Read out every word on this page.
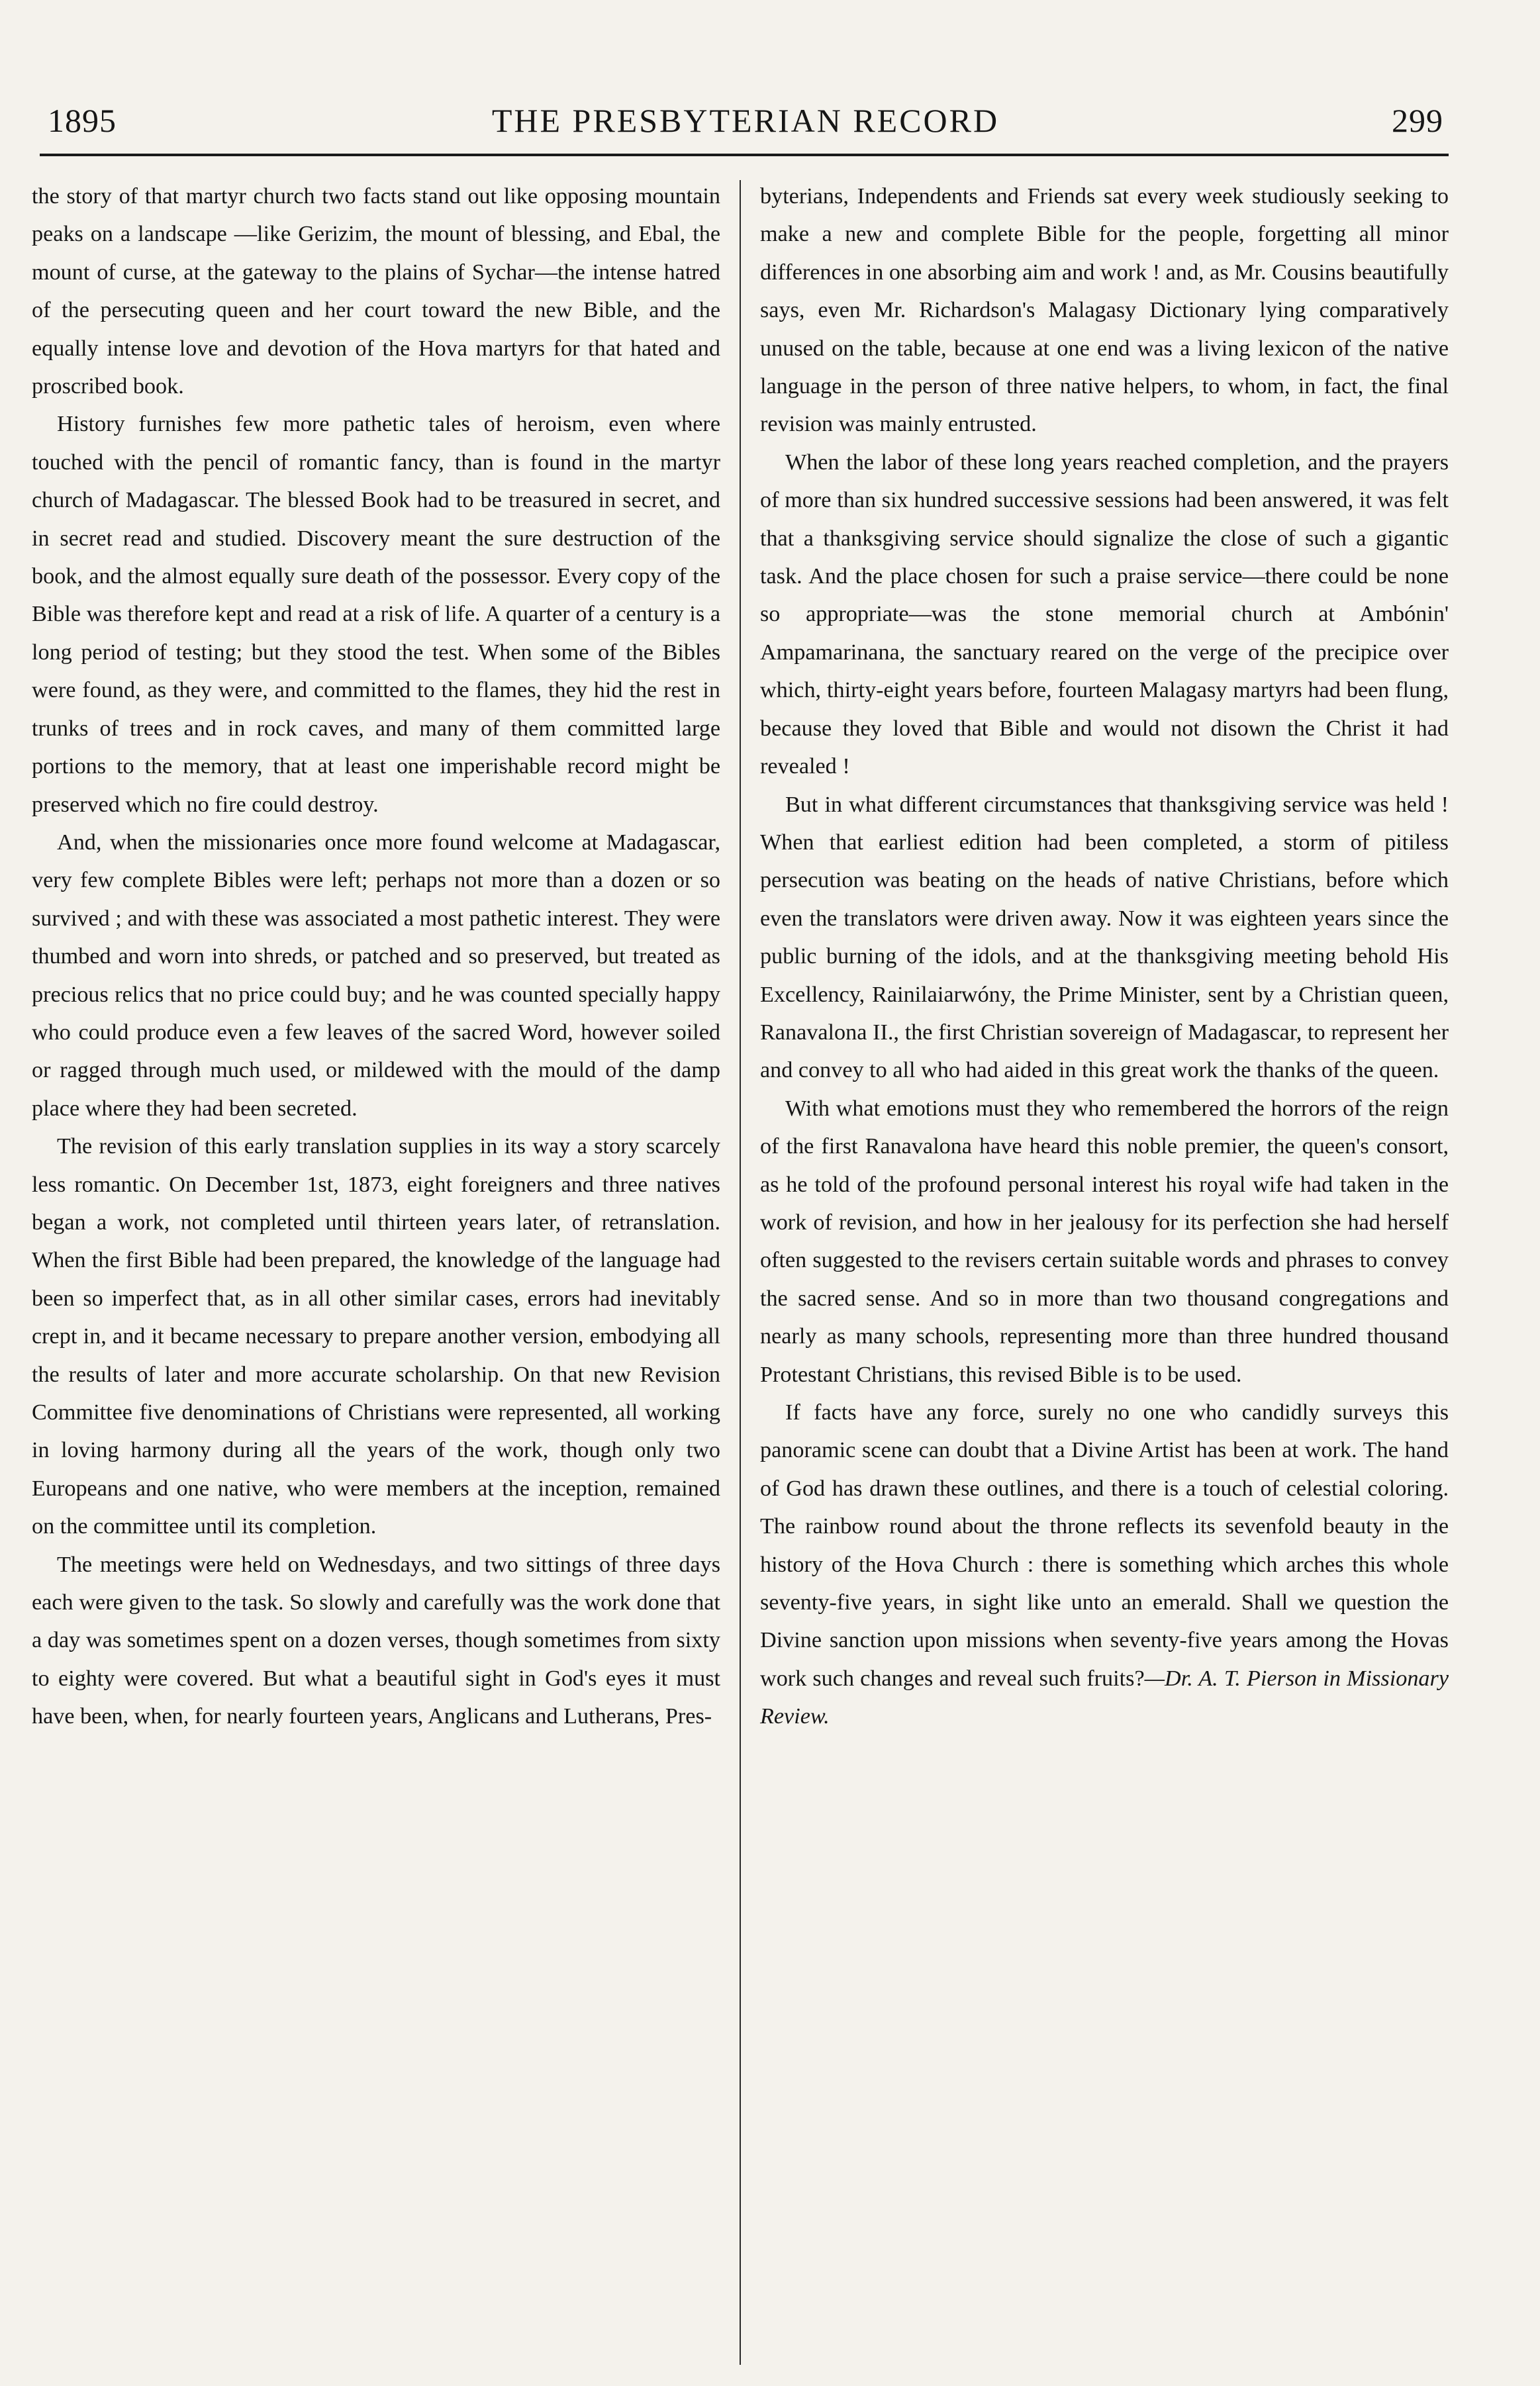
1895	THE PRESBYTERIAN RECORD	299

the story of that martyr church two facts stand out like opposing mountain peaks on a landscape —like Gerizim, the mount of blessing, and Ebal, the mount of curse, at the gateway to the plains of Sychar—the intense hatred of the persecuting queen and her court toward the new Bible, and the equally intense love and devotion of the Hova martyrs for that hated and proscribed book.

History furnishes few more pathetic tales of heroism, even where touched with the pencil of romantic fancy, than is found in the martyr church of Madagascar. The blessed Book had to be treasured in secret, and in secret read and studied. Discovery meant the sure destruction of the book, and the almost equally sure death of the possessor. Every copy of the Bible was therefore kept and read at a risk of life. A quarter of a century is a long period of testing; but they stood the test. When some of the Bibles were found, as they were, and committed to the flames, they hid the rest in trunks of trees and in rock caves, and many of them committed large portions to the memory, that at least one imperishable record might be preserved which no fire could destroy.

And, when the missionaries once more found welcome at Madagascar, very few complete Bibles were left; perhaps not more than a dozen or so survived ; and with these was associated a most pathetic interest. They were thumbed and worn into shreds, or patched and so preserved, but treated as precious relics that no price could buy; and he was counted specially happy who could produce even a few leaves of the sacred Word, however soiled or ragged through much used, or mildewed with the mould of the damp place where they had been secreted.

The revision of this early translation supplies in its way a story scarcely less romantic. On December 1st, 1873, eight foreigners and three natives began a work, not completed until thirteen years later, of retranslation. When the first Bible had been prepared, the knowledge of the language had been so imperfect that, as in all other similar cases, errors had inevitably crept in, and it became necessary to prepare another version, embodying all the results of later and more accurate scholarship. On that new Revision Committee five denominations of Christians were represented, all working in loving harmony during all the years of the work, though only two Europeans and one native, who were members at the inception, remained on the committee until its completion.

The meetings were held on Wednesdays, and two sittings of three days each were given to the task. So slowly and carefully was the work done that a day was sometimes spent on a dozen verses, though sometimes from sixty to eighty were covered. But what a beautiful sight in God's eyes it must have been, when, for nearly fourteen years, Anglicans and Lutherans, Pres-

byterians, Independents and Friends sat every week studiously seeking to make a new and complete Bible for the people, forgetting all minor differences in one absorbing aim and work ! and, as Mr. Cousins beautifully says, even Mr. Richardson's Malagasy Dictionary lying comparatively unused on the table, because at one end was a living lexicon of the native language in the person of three native helpers, to whom, in fact, the final revision was mainly entrusted.

When the labor of these long years reached completion, and the prayers of more than six hundred successive sessions had been answered, it was felt that a thanksgiving service should signalize the close of such a gigantic task. And the place chosen for such a praise service—there could be none so appropriate—was the stone memorial church at Ambónin' Ampamarinana, the sanctuary reared on the verge of the precipice over which, thirty-eight years before, fourteen Malagasy martyrs had been flung, because they loved that Bible and would not disown the Christ it had revealed !

But in what different circumstances that thanksgiving service was held ! When that earliest edition had been completed, a storm of pitiless persecution was beating on the heads of native Christians, before which even the translators were driven away. Now it was eighteen years since the public burning of the idols, and at the thanksgiving meeting behold His Excellency, Rainilaiarwóny, the Prime Minister, sent by a Christian queen, Ranavalona II., the first Christian sovereign of Madagascar, to represent her and convey to all who had aided in this great work the thanks of the queen.

With what emotions must they who remembered the horrors of the reign of the first Ranavalona have heard this noble premier, the queen's consort, as he told of the profound personal interest his royal wife had taken in the work of revision, and how in her jealousy for its perfection she had herself often suggested to the revisers certain suitable words and phrases to convey the sacred sense. And so in more than two thousand congregations and nearly as many schools, representing more than three hundred thousand Protestant Christians, this revised Bible is to be used.

If facts have any force, surely no one who candidly surveys this panoramic scene can doubt that a Divine Artist has been at work. The hand of God has drawn these outlines, and there is a touch of celestial coloring. The rainbow round about the throne reflects its sevenfold beauty in the history of the Hova Church : there is something which arches this whole seventy-five years, in sight like unto an emerald. Shall we question the Divine sanction upon missions when seventy-five years among the Hovas work such changes and reveal such fruits?—Dr. A. T. Pierson in Missionary Review.
